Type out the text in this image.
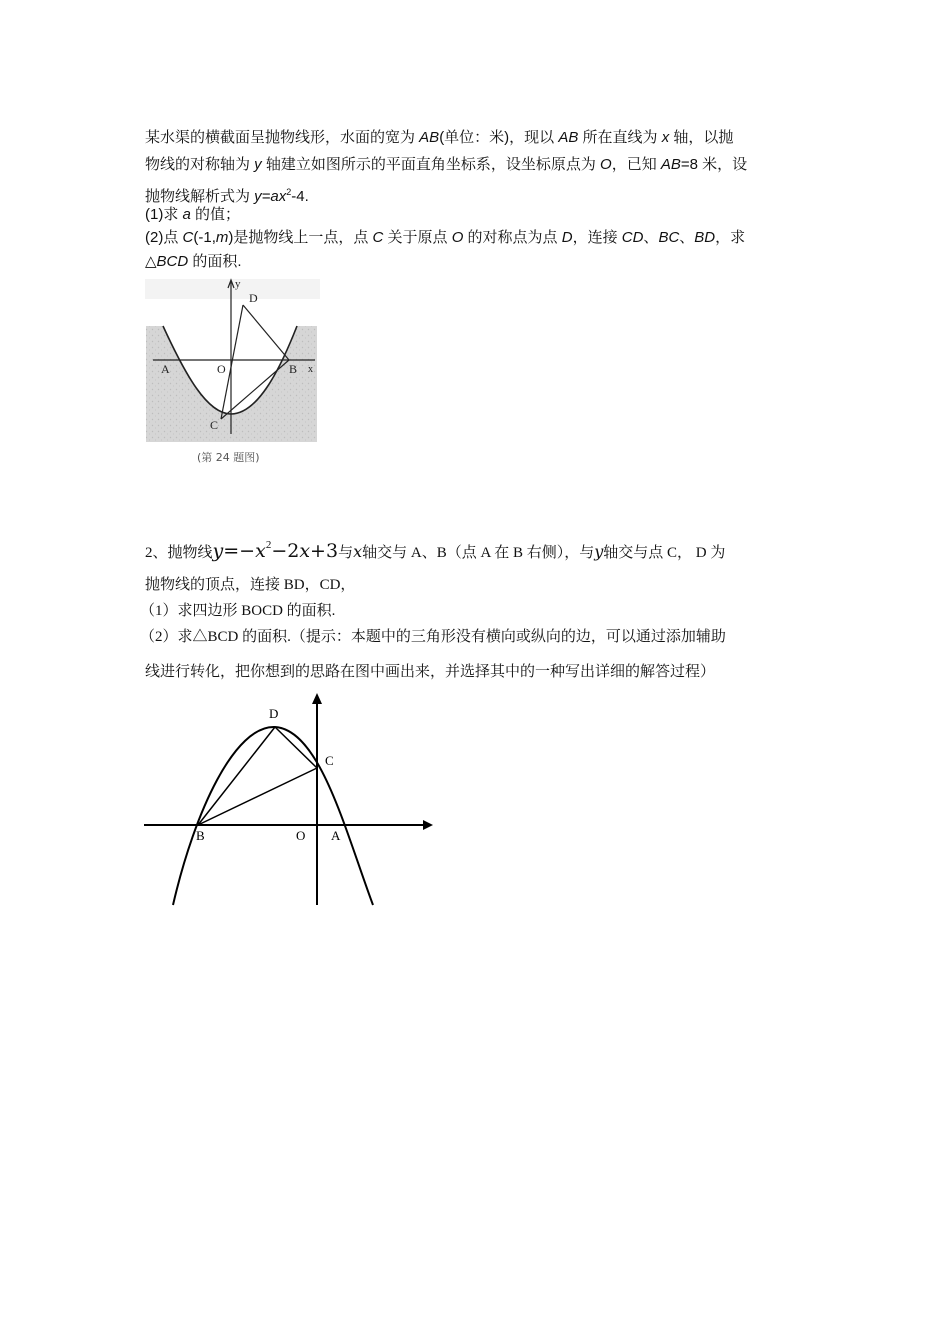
某水渠的横截面呈抛物线形，水面的宽为 AB(单位：米)，现以 AB 所在直线为 x 轴，以抛
物线的对称轴为 y 轴建立如图所示的平面直角坐标系，设坐标原点为 O，已知 AB=8 米，设
抛物线解析式为 $y=ax^2-4$.
(1)求 a 的值；
(2)点 C(-1,m)是抛物线上一点，点 C 关于原点 O 的对称点为点 D，连接 CD、BC、BD，求
△BCD 的面积.
y
D
A	O	B x
C
(第 24 题图)
2、抛物线$y=-x^2-2x+3$与x轴交与 A、B（点 A 在 B 右侧），与y轴交与点 C， D 为
抛物线的顶点，连接 BD，CD，
（1）求四边形 BOCD 的面积.
（2）求△BCD 的面积.（提示：本题中的三角形没有横向或纵向的边，可以通过添加辅助
线进行转化，把你想到的思路在图中画出来，并选择其中的一种写出详细的解答过程）
D
C
B	O A
